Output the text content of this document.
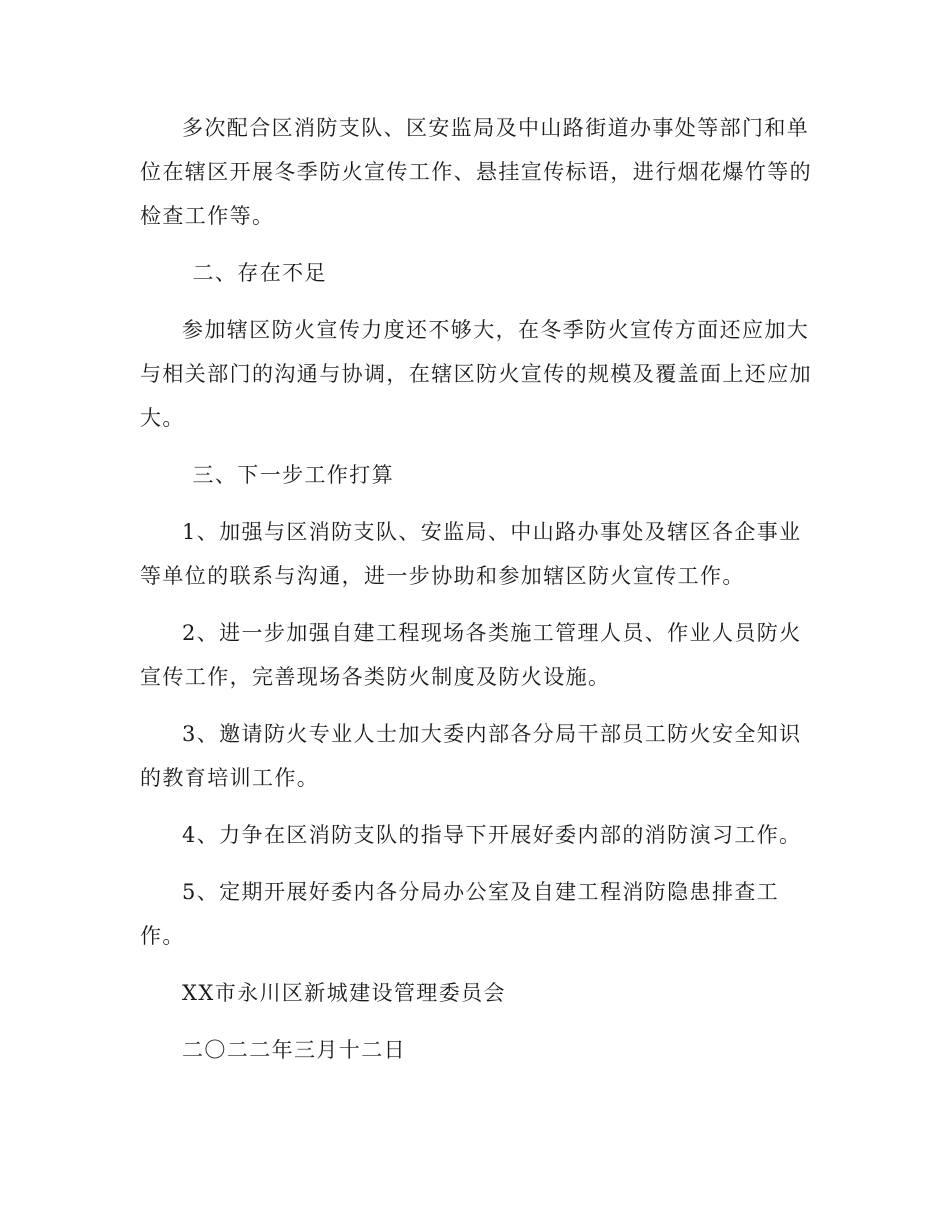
多次配合区消防支队、区安监局及中山路街道办事处等部门和单位在辖区开展冬季防火宣传工作、悬挂宣传标语，进行烟花爆竹等的检查工作等。

二、存在不足

参加辖区防火宣传力度还不够大，在冬季防火宣传方面还应加大与相关部门的沟通与协调，在辖区防火宣传的规模及覆盖面上还应加大。

三、下一步工作打算

1、加强与区消防支队、安监局、中山路办事处及辖区各企事业等单位的联系与沟通，进一步协助和参加辖区防火宣传工作。

2、进一步加强自建工程现场各类施工管理人员、作业人员防火宣传工作，完善现场各类防火制度及防火设施。

3、邀请防火专业人士加大委内部各分局干部员工防火安全知识的教育培训工作。

4、力争在区消防支队的指导下开展好委内部的消防演习工作。

5、定期开展好委内各分局办公室及自建工程消防隐患排查工作。

XX市永川区新城建设管理委员会

二〇二二年三月十二日
